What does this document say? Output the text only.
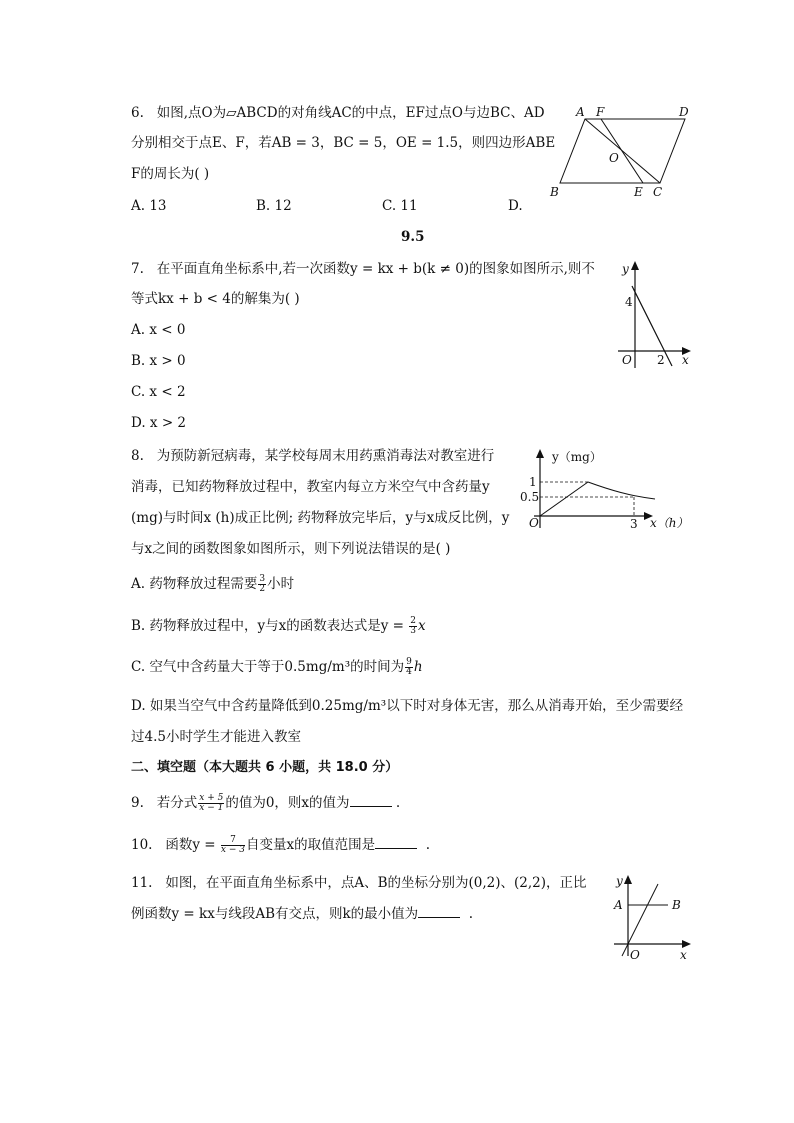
6. 如图,点O为▱ABCD的对角线AC的中点，EF过点O与边BC、AD
分别相交于点E、F，若AB = 3，BC = 5，OE = 1.5，则四边形ABE
F的周长为( )
A. 13	B. 12	C. 11	D.
9.5
A F	D
O
B	E C
7. 在平面直角坐标系中,若一次函数y = kx + b(k ≠ 0)的图象如图所示,则不
等式kx + b < 4的解集为( )
A. x < 0
B. x > 0
C. x < 2
D. x > 2
y
4
O 2 x
8. 为预防新冠病毒，某学校每周末用药熏消毒法对教室进行
消毒，已知药物释放过程中，教室内每立方米空气中含药量y
(mg)与时间x (h)成正比例; 药物释放完毕后，y与x成反比例，y
与x之间的函数图象如图所示，则下列说法错误的是( )
A. 药物释放过程需要 $\frac{3}{2}$ 小时
B. 药物释放过程中，y与x的函数表达式是$y = \frac{2}{3}$ x
C. 空气中含药量大于等于0.5mg/m³的时间为 $\frac{9}{4}$ h
D. 如果当空气中含药量降低到0.25mg/m³以下时对身体无害，那么从消毒开始，至少需要经
过4.5小时学生才能进入教室
y（mg）
1
0.5
O	3 x（h）
二、填空题（本大题共 6 小题，共 18.0 分）
9. 若分式 $\frac{x + 5}{x - 1}$ 的值为0，则x的值为	.
10. 函数$y = \frac{7}{x - 3}$ 自变量x的取值范围是	.
11. 如图，在平面直角坐标系中，点A、B的坐标分别为(0,2)、(2,2)，正比
例函数y = kx与线段AB有交点，则k的最小值为	.
y
A	B
O	x
